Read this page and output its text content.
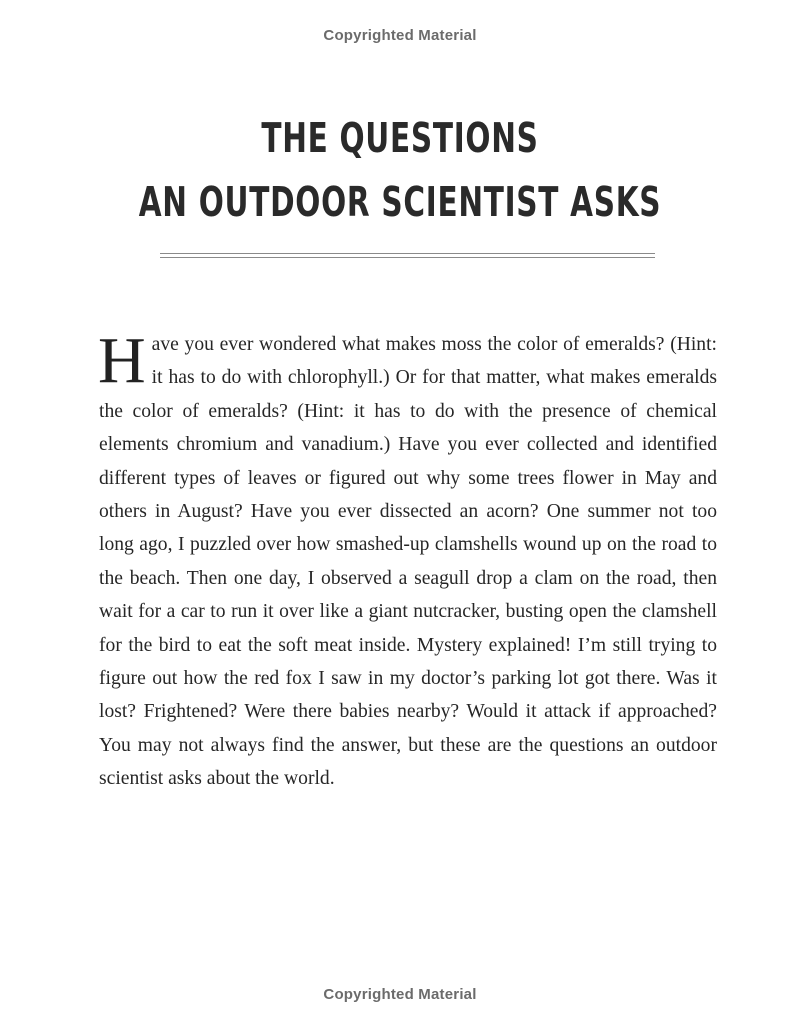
Copyrighted Material
THE QUESTIONS
AN OUTDOOR SCIENTIST ASKS
H ave you ever wondered what makes moss the color of emeralds? (Hint: it has to do with chlorophyll.) Or for that matter, what makes emeralds the color of emeralds? (Hint: it has to do with the presence of chemical elements chromium and vanadium.) Have you ever collected and identified different types of leaves or figured out why some trees flower in May and others in August? Have you ever dissected an acorn? One summer not too long ago, I puzzled over how smashed-up clamshells wound up on the road to the beach. Then one day, I observed a seagull drop a clam on the road, then wait for a car to run it over like a giant nutcracker, busting open the clamshell for the bird to eat the soft meat inside. Mystery explained! I’m still trying to figure out how the red fox I saw in my doctor’s parking lot got there. Was it lost? Frightened? Were there babies nearby? Would it attack if approached? You may not always find the answer, but these are the questions an outdoor scientist asks about the world.
Copyrighted Material
